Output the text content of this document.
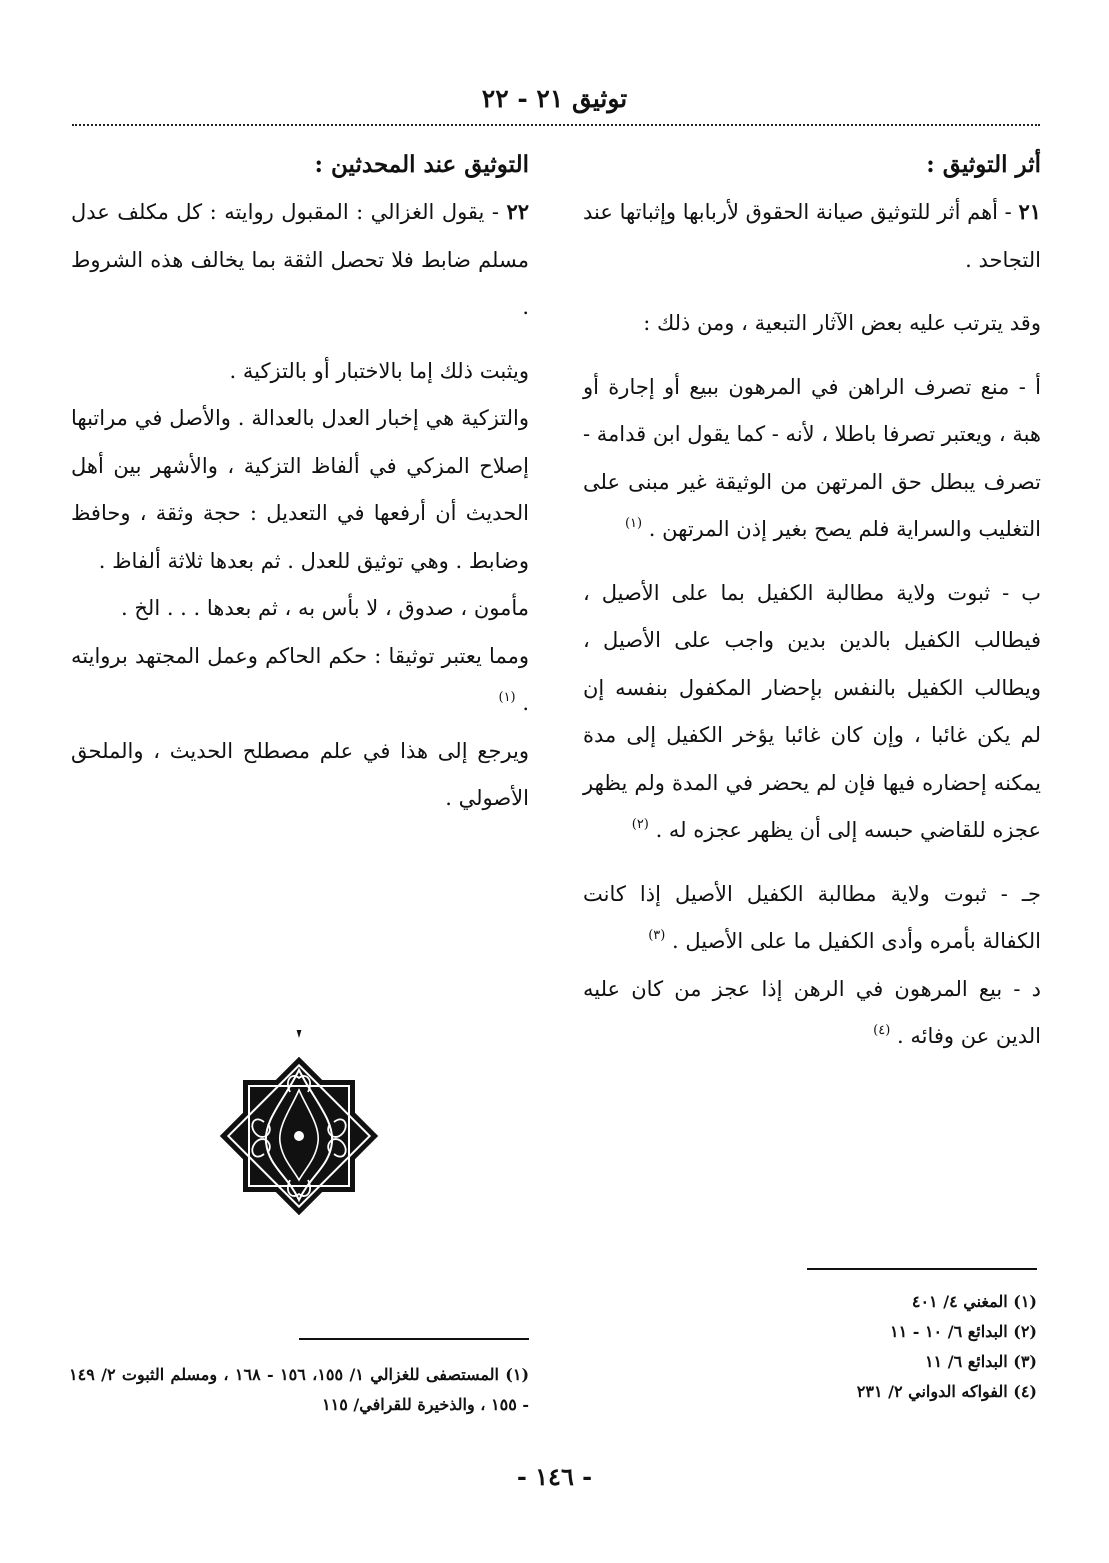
توثيق ٢١ - ٢٢

أثر التوثيق :

٢١ - أهم أثر للتوثيق صيانة الحقوق لأربابها وإثباتها عند التجاحد .

وقد يترتب عليه بعض الآثار التبعية ، ومن ذلك :

أ - منع تصرف الراهن في المرهون ببيع أو إجارة أو هبة ، ويعتبر تصرفا باطلا ، لأنه - كما يقول ابن قدامة - تصرف يبطل حق المرتهن من الوثيقة غير مبنى على التغليب والسراية فلم يصح بغير إذن المرتهن . $^{(١)}$

ب - ثبوت ولاية مطالبة الكفيل بما على الأصيل ، فيطالب الكفيل بالدين بدين واجب على الأصيل ، ويطالب الكفيل بالنفس بإحضار المكفول بنفسه إن لم يكن غائبا ، وإن كان غائبا يؤخر الكفيل إلى مدة يمكنه إحضاره فيها فإن لم يحضر في المدة ولم يظهر عجزه للقاضي حبسه إلى أن يظهر عجزه له . $^{(٢)}$

جـ - ثبوت ولاية مطالبة الكفيل الأصيل إذا كانت الكفالة بأمره وأدى الكفيل ما على الأصيل . $^{(٣)}$

د - بيع المرهون في الرهن إذا عجز من كان عليه الدين عن وفائه . $^{(٤)}$

التوثيق عند المحدثين :

٢٢ - يقول الغزالي : المقبول روايته : كل مكلف عدل مسلم ضابط فلا تحصل الثقة بما يخالف هذه الشروط .

ويثبت ذلك إما بالاختبار أو بالتزكية .

والتزكية هي إخبار العدل بالعدالة . والأصل في مراتبها إصلاح المزكي في ألفاظ التزكية ، والأشهر بين أهل الحديث أن أرفعها في التعديل : حجة وثقة ، وحافظ وضابط . وهي توثيق للعدل . ثم بعدها ثلاثة ألفاظ .

مأمون ، صدوق ، لا بأس به ، ثم بعدها . . . الخ .

ومما يعتبر توثيقا : حكم الحاكم وعمل المجتهد بروايته . $^{(١)}$

ويرجع إلى هذا في علم مصطلح الحديث ، والملحق الأصولي .

(١) المغني ٤/ ٤٠١

(٢) البدائع ٦/ ١٠ - ١١

(٣) البدائع ٦/ ١١

(٤) الفواكه الدواني ٢/ ٢٣١

(١) المستصفى للغزالي ١/ ١٥٥، ١٥٦ - ١٦٨ ، ومسلم الثبوت ٢/ ١٤٩ - ١٥٥ ، والذخيرة للقرافي/ ١١٥

- ١٤٦ -
